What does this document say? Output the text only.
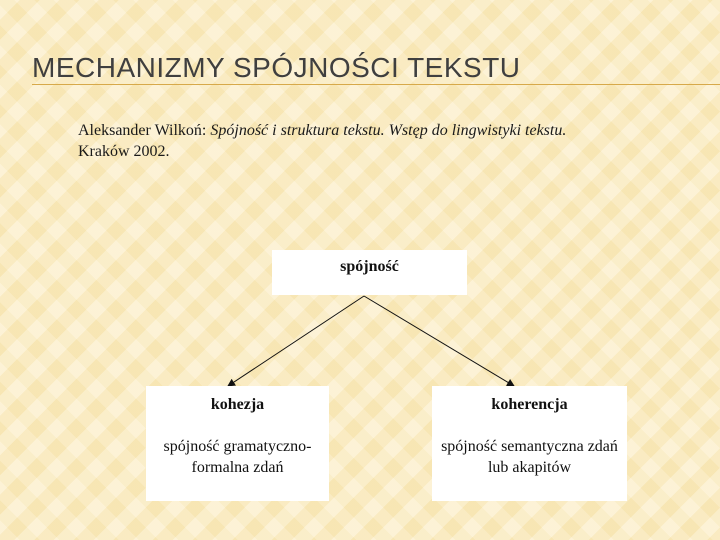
MECHANIZMY SPÓJNOŚCI TEKSTU
Aleksander Wilkoń: Spójność i struktura tekstu. Wstęp do lingwistyki tekstu.
Kraków 2002.
spójność
kohezja
spójność gramatyczno-formalna zdań
koherencja
spójność semantyczna zdań lub akapitów
